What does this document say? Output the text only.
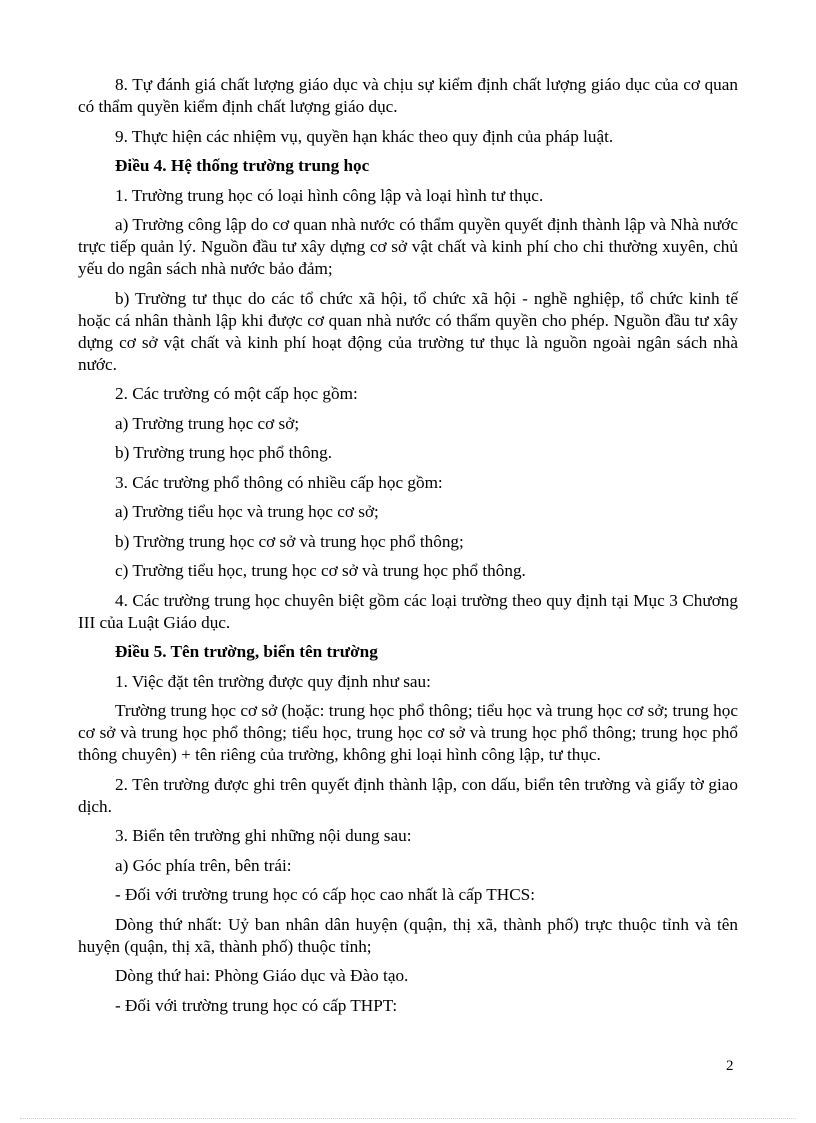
8. Tự đánh giá chất lượng giáo dục và chịu sự kiểm định chất lượng giáo dục của cơ quan có thẩm quyền kiểm định chất lượng giáo dục.

9. Thực hiện các nhiệm vụ, quyền hạn khác theo quy định của pháp luật.

Điều 4. Hệ thống trường trung học

1. Trường trung học có loại hình công lập và loại hình tư thục.

a) Trường công lập do cơ quan nhà nước có thẩm quyền quyết định thành lập và Nhà nước trực tiếp quản lý. Nguồn đầu tư xây dựng cơ sở vật chất và kinh phí cho chi thường xuyên, chủ yếu do ngân sách nhà nước bảo đảm;

b) Trường tư thục do các tổ chức xã hội, tổ chức xã hội - nghề nghiệp, tổ chức kinh tế hoặc cá nhân thành lập khi được cơ quan nhà nước có thẩm quyền cho phép. Nguồn đầu tư xây dựng cơ sở vật chất và kinh phí hoạt động của trường tư thục là nguồn ngoài ngân sách nhà nước.

2. Các trường có một cấp học gồm:

a) Trường trung học cơ sở;

b) Trường trung học phổ thông.

3. Các trường phổ thông có nhiều cấp học gồm:

a) Trường tiểu học và trung học cơ sở;

b) Trường trung học cơ sở và trung học phổ thông;

c) Trường tiểu học, trung học cơ sở và trung học phổ thông.

4. Các trường trung học chuyên biệt gồm các loại trường theo quy định tại Mục 3 Chương III của Luật Giáo dục.

Điều 5. Tên trường, biển tên trường

1. Việc đặt tên trường được quy định như sau:

Trường trung học cơ sở (hoặc: trung học phổ thông; tiểu học và trung học cơ sở; trung học cơ sở và trung học phổ thông; tiểu học, trung học cơ sở và trung học phổ thông; trung học phổ thông chuyên) + tên riêng của trường, không ghi loại hình công lập, tư thục.

2. Tên trường được ghi trên quyết định thành lập, con dấu, biển tên trường và giấy tờ giao dịch.

3. Biển tên trường ghi những nội dung sau:

a) Góc phía trên, bên trái:

- Đối với trường trung học có cấp học cao nhất là cấp THCS:

Dòng thứ nhất: Uỷ ban nhân dân huyện (quận, thị xã, thành phố) trực thuộc tỉnh và tên huyện (quận, thị xã, thành phố) thuộc tỉnh;

Dòng thứ hai: Phòng Giáo dục và Đào tạo.

- Đối với trường trung học có cấp THPT:

2
